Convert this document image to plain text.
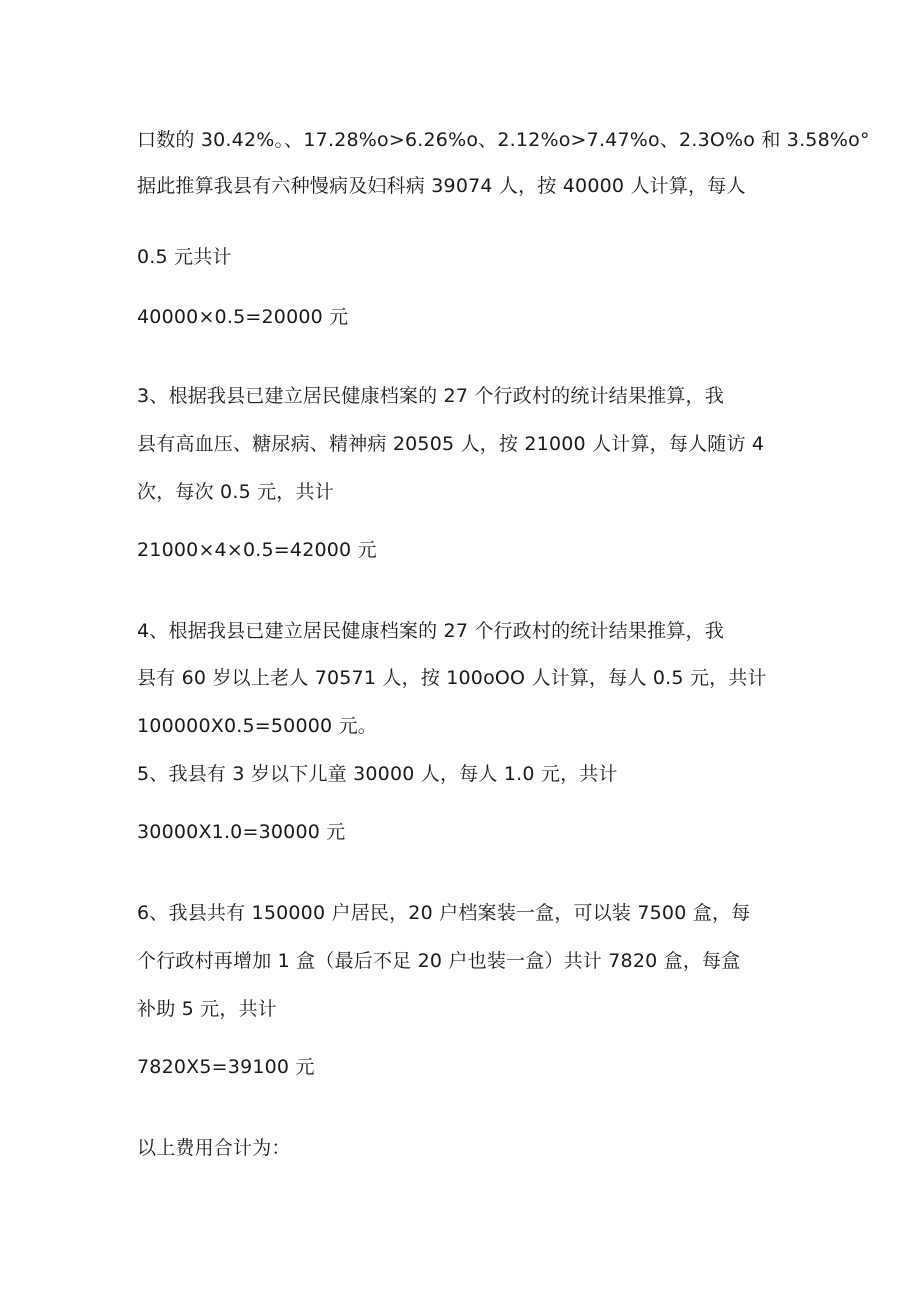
口数的 30.42%。、17.28%o>6.26%o、2.12%o>7.47%o、2.3O%o 和 3.58%o°

据此推算我县有六种慢病及妇科病 39074 人，按 40000 人计算，每人

0.5 元共计

40000×0.5=20000 元

3、根据我县已建立居民健康档案的 27 个行政村的统计结果推算，我

县有高血压、糖尿病、精神病 20505 人，按 21000 人计算，每人随访 4

次，每次 0.5 元，共计

21000×4×0.5=42000 元

4、根据我县已建立居民健康档案的 27 个行政村的统计结果推算，我

县有 60 岁以上老人 70571 人，按 100oOO 人计算，每人 0.5 元，共计

100000X0.5=50000 元。

5、我县有 3 岁以下儿童 30000 人，每人 1.0 元，共计

30000X1.0=30000 元

6、我县共有 150000 户居民，20 户档案装一盒，可以装 7500 盒，每

个行政村再增加 1 盒（最后不足 20 户也装一盒）共计 7820 盒，每盒

补助 5 元，共计

7820X5=39100 元

以上费用合计为：
